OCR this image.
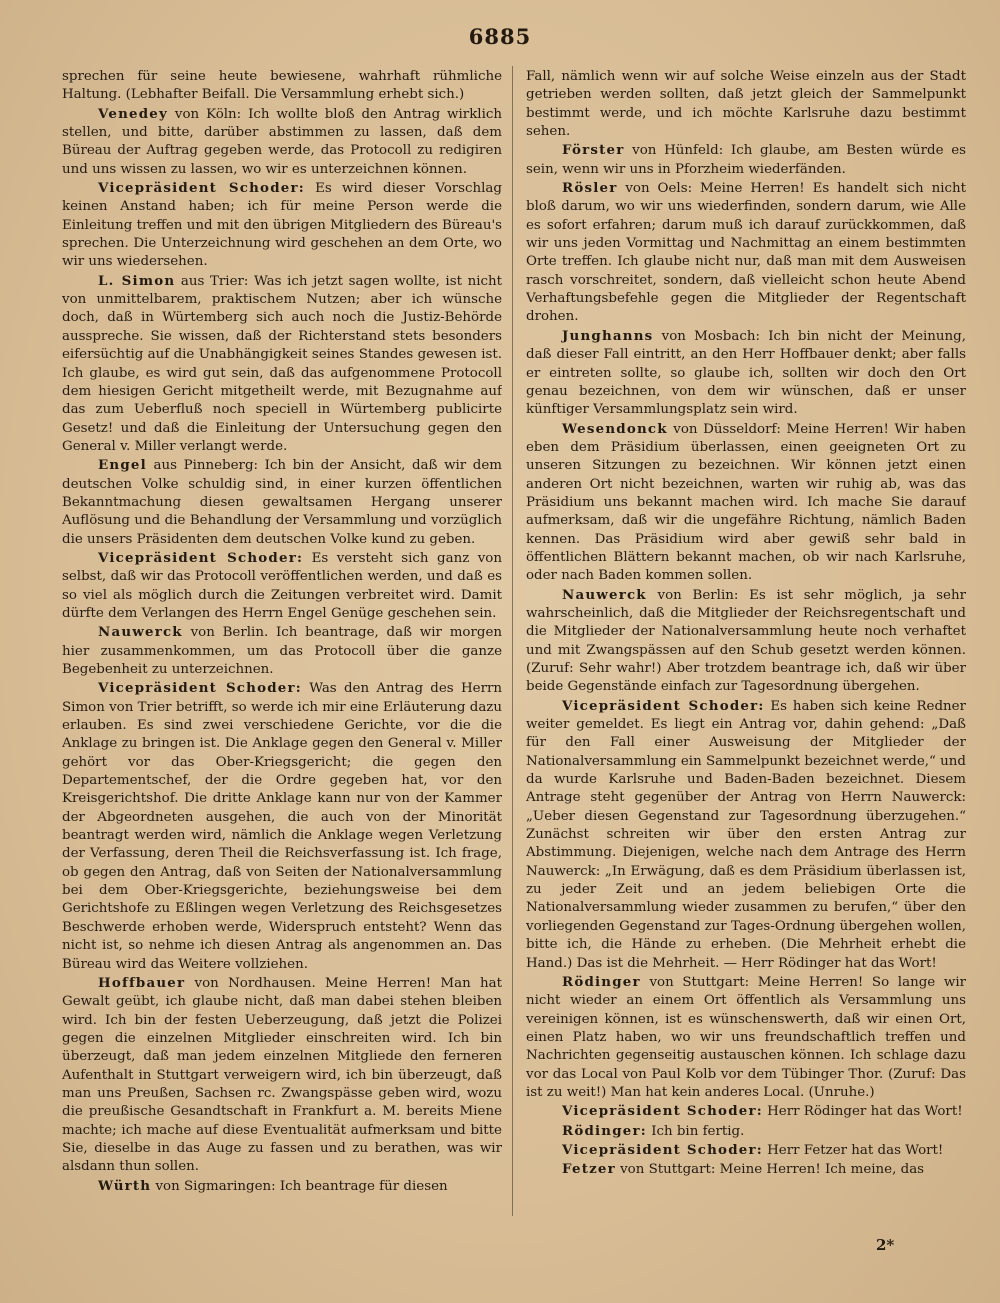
6885

sprechen für seine heute bewiesene, wahrhaft rühmliche Haltung. (Lebhafter Beifall. Die Versammlung erhebt sich.)

Venedey von Köln: Ich wollte bloß den Antrag wirklich stellen, und bitte, darüber abstimmen zu lassen, daß dem Büreau der Auftrag gegeben werde, das Protocoll zu redigiren und uns wissen zu lassen, wo wir es unterzeichnen können.

Vicepräsident Schoder: Es wird dieser Vorschlag keinen Anstand haben; ich für meine Person werde die Einleitung treffen und mit den übrigen Mitgliedern des Büreau's sprechen. Die Unterzeichnung wird geschehen an dem Orte, wo wir uns wiedersehen.

L. Simon aus Trier: Was ich jetzt sagen wollte, ist nicht von unmittelbarem, praktischem Nutzen; aber ich wünsche doch, daß in Würtemberg sich auch noch die Justiz-Behörde ausspreche. Sie wissen, daß der Richterstand stets besonders eifersüchtig auf die Unabhängigkeit seines Standes gewesen ist. Ich glaube, es wird gut sein, daß das aufgenommene Protocoll dem hiesigen Gericht mitgetheilt werde, mit Bezugnahme auf das zum Ueberfluß noch speciell in Würtemberg publicirte Gesetz! und daß die Einleitung der Untersuchung gegen den General v. Miller verlangt werde.

Engel aus Pinneberg: Ich bin der Ansicht, daß wir dem deutschen Volke schuldig sind, in einer kurzen öffentlichen Bekanntmachung diesen gewaltsamen Hergang unserer Auflösung und die Behandlung der Versammlung und vorzüglich die unsers Präsidenten dem deutschen Volke kund zu geben.

Vicepräsident Schoder: Es versteht sich ganz von selbst, daß wir das Protocoll veröffentlichen werden, und daß es so viel als möglich durch die Zeitungen verbreitet wird. Damit dürfte dem Verlangen des Herrn Engel Genüge geschehen sein.

Nauwerck von Berlin. Ich beantrage, daß wir morgen hier zusammenkommen, um das Protocoll über die ganze Begebenheit zu unterzeichnen.

Vicepräsident Schoder: Was den Antrag des Herrn Simon von Trier betrifft, so werde ich mir eine Erläuterung dazu erlauben. Es sind zwei verschiedene Gerichte, vor die die Anklage zu bringen ist. Die Anklage gegen den General v. Miller gehört vor das Ober-Kriegsgericht; die gegen den Departementschef, der die Ordre gegeben hat, vor den Kreisgerichtshof. Die dritte Anklage kann nur von der Kammer der Abgeordneten ausgehen, die auch von der Minorität beantragt werden wird, nämlich die Anklage wegen Verletzung der Verfassung, deren Theil die Reichsverfassung ist. Ich frage, ob gegen den Antrag, daß von Seiten der Nationalversammlung bei dem Ober-Kriegsgerichte, beziehungsweise bei dem Gerichtshofe zu Eßlingen wegen Verletzung des Reichsgesetzes Beschwerde erhoben werde, Widerspruch entsteht? Wenn das nicht ist, so nehme ich diesen Antrag als angenommen an. Das Büreau wird das Weitere vollziehen.

Hoffbauer von Nordhausen. Meine Herren! Man hat Gewalt geübt, ich glaube nicht, daß man dabei stehen bleiben wird. Ich bin der festen Ueberzeugung, daß jetzt die Polizei gegen die einzelnen Mitglieder einschreiten wird. Ich bin überzeugt, daß man jedem einzelnen Mitgliede den ferneren Aufenthalt in Stuttgart verweigern wird, ich bin überzeugt, daß man uns Preußen, Sachsen rc. Zwangspässe geben wird, wozu die preußische Gesandtschaft in Frankfurt a. M. bereits Miene machte; ich mache auf diese Eventualität aufmerksam und bitte Sie, dieselbe in das Auge zu fassen und zu berathen, was wir alsdann thun sollen.

Würth von Sigmaringen: Ich beantrage für diesen

Fall, nämlich wenn wir auf solche Weise einzeln aus der Stadt getrieben werden sollten, daß jetzt gleich der Sammelpunkt bestimmt werde, und ich möchte Karlsruhe dazu bestimmt sehen.

Förster von Hünfeld: Ich glaube, am Besten würde es sein, wenn wir uns in Pforzheim wiederfänden.

Rösler von Oels: Meine Herren! Es handelt sich nicht bloß darum, wo wir uns wiederfinden, sondern darum, wie Alle es sofort erfahren; darum muß ich darauf zurückkommen, daß wir uns jeden Vormittag und Nachmittag an einem bestimmten Orte treffen. Ich glaube nicht nur, daß man mit dem Ausweisen rasch vorschreitet, sondern, daß vielleicht schon heute Abend Verhaftungsbefehle gegen die Mitglieder der Regentschaft drohen.

Junghanns von Mosbach: Ich bin nicht der Meinung, daß dieser Fall eintritt, an den Herr Hoffbauer denkt; aber falls er eintreten sollte, so glaube ich, sollten wir doch den Ort genau bezeichnen, von dem wir wünschen, daß er unser künftiger Versammlungsplatz sein wird.

Wesendonck von Düsseldorf: Meine Herren! Wir haben eben dem Präsidium überlassen, einen geeigneten Ort zu unseren Sitzungen zu bezeichnen. Wir können jetzt einen anderen Ort nicht bezeichnen, warten wir ruhig ab, was das Präsidium uns bekannt machen wird. Ich mache Sie darauf aufmerksam, daß wir die ungefähre Richtung, nämlich Baden kennen. Das Präsidium wird aber gewiß sehr bald in öffentlichen Blättern bekannt machen, ob wir nach Karlsruhe, oder nach Baden kommen sollen.

Nauwerck von Berlin: Es ist sehr möglich, ja sehr wahrscheinlich, daß die Mitglieder der Reichsregentschaft und die Mitglieder der Nationalversammlung heute noch verhaftet und mit Zwangspässen auf den Schub gesetzt werden können. (Zuruf: Sehr wahr!) Aber trotzdem beantrage ich, daß wir über beide Gegenstände einfach zur Tagesordnung übergehen.

Vicepräsident Schoder: Es haben sich keine Redner weiter gemeldet. Es liegt ein Antrag vor, dahin gehend: „Daß für den Fall einer Ausweisung der Mitglieder der Nationalversammlung ein Sammelpunkt bezeichnet werde,“ und da wurde Karlsruhe und Baden-Baden bezeichnet. Diesem Antrage steht gegenüber der Antrag von Herrn Nauwerck: „Ueber diesen Gegenstand zur Tagesordnung überzugehen.“ Zunächst schreiten wir über den ersten Antrag zur Abstimmung. Diejenigen, welche nach dem Antrage des Herrn Nauwerck: „In Erwägung, daß es dem Präsidium überlassen ist, zu jeder Zeit und an jedem beliebigen Orte die Nationalversammlung wieder zusammen zu berufen,“ über den vorliegenden Gegenstand zur Tages-Ordnung übergehen wollen, bitte ich, die Hände zu erheben. (Die Mehrheit erhebt die Hand.) Das ist die Mehrheit. — Herr Rödinger hat das Wort!

Rödinger von Stuttgart: Meine Herren! So lange wir nicht wieder an einem Ort öffentlich als Versammlung uns vereinigen können, ist es wünschenswerth, daß wir einen Ort, einen Platz haben, wo wir uns freundschaftlich treffen und Nachrichten gegenseitig austauschen können. Ich schlage dazu vor das Local von Paul Kolb vor dem Tübinger Thor. (Zuruf: Das ist zu weit!) Man hat kein anderes Local. (Unruhe.)

Vicepräsident Schoder: Herr Rödinger hat das Wort!

Rödinger: Ich bin fertig.

Vicepräsident Schoder: Herr Fetzer hat das Wort!

Fetzer von Stuttgart: Meine Herren! Ich meine, das

2*
